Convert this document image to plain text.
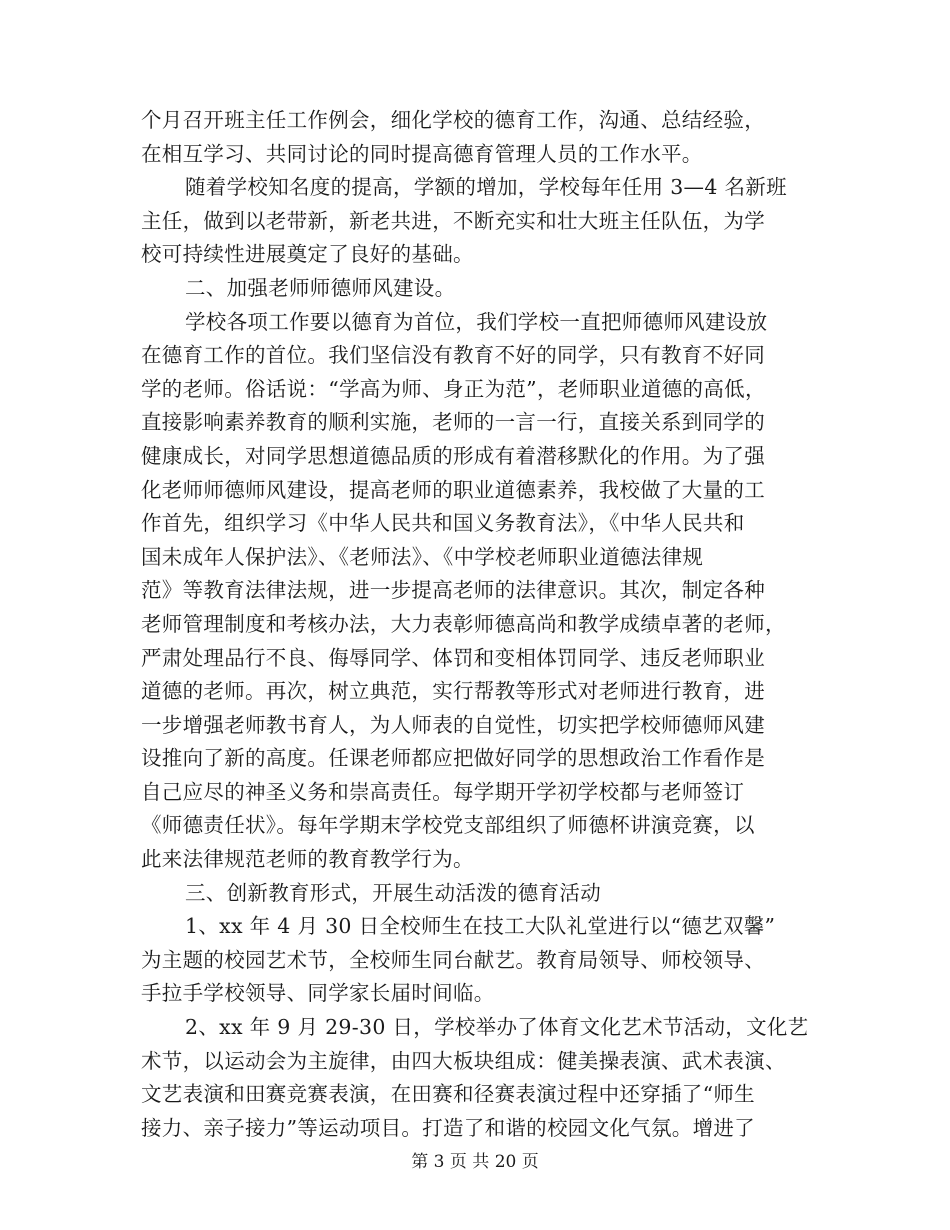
个月召开班主任工作例会，细化学校的德育工作，沟通、总结经验，
在相互学习、共同讨论的同时提高德育管理人员的工作水平。
随着学校知名度的提高，学额的增加，学校每年任用 3—4 名新班
主任，做到以老带新，新老共进，不断充实和壮大班主任队伍，为学
校可持续性进展奠定了良好的基础。
二、加强老师师德师风建设。
学校各项工作要以德育为首位，我们学校一直把师德师风建设放
在德育工作的首位。我们坚信没有教育不好的同学，只有教育不好同
学的老师。俗话说：“学高为师、身正为范”，老师职业道德的高低，
直接影响素养教育的顺利实施，老师的一言一行，直接关系到同学的
健康成长，对同学思想道德品质的形成有着潜移默化的作用。为了强
化老师师德师风建设，提高老师的职业道德素养，我校做了大量的工
作首先，组织学习《中华人民共和国义务教育法》，《中华人民共和
国未成年人保护法》、《老师法》、《中学校老师职业道德法律规
范》等教育法律法规，进一步提高老师的法律意识。其次，制定各种
老师管理制度和考核办法，大力表彰师德高尚和教学成绩卓著的老师，
严肃处理品行不良、侮辱同学、体罚和变相体罚同学、违反老师职业
道德的老师。再次，树立典范，实行帮教等形式对老师进行教育，进
一步增强老师教书育人，为人师表的自觉性，切实把学校师德师风建
设推向了新的高度。任课老师都应把做好同学的思想政治工作看作是
自己应尽的神圣义务和崇高责任。每学期开学初学校都与老师签订
《师德责任状》。每年学期末学校党支部组织了师德杯讲演竞赛，以
此来法律规范老师的教育教学行为。
三、创新教育形式，开展生动活泼的德育活动
1、xx 年 4 月 30 日全校师生在技工大队礼堂进行以“德艺双馨”
为主题的校园艺术节，全校师生同台献艺。教育局领导、师校领导、
手拉手学校领导、同学家长届时间临。
2、xx 年 9 月 29-30 日，学校举办了体育文化艺术节活动，文化艺
术节，以运动会为主旋律，由四大板块组成：健美操表演、武术表演、
文艺表演和田赛竞赛表演，在田赛和径赛表演过程中还穿插了“师生
接力、亲子接力”等运动项目。打造了和谐的校园文化气氛。增进了
第 3 页 共 20 页
